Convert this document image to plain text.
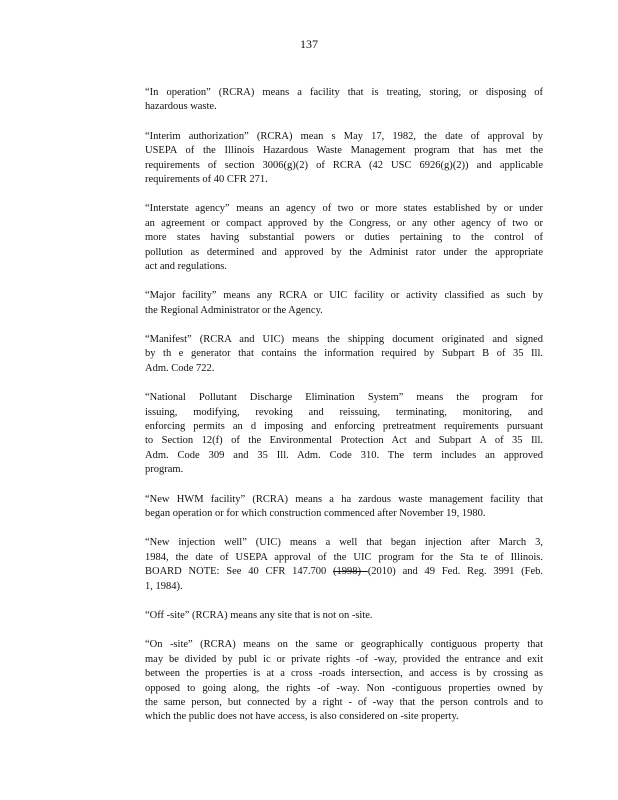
137
“In operation” (RCRA) means a facility that is treating, storing, or disposing of
hazardous waste.
“Interim authorization” (RCRA) mean s May 17, 1982, the date of approval by
USEPA of the Illinois Hazardous Waste Management program that has met the
requirements of section 3006(g)(2) of RCRA (42 USC 6926(g)(2)) and applicable
requirements of 40 CFR 271.
“Interstate agency” means an agency of two or more states established by or under
an agreement or compact approved by the Congress, or any other agency of two or
more states having substantial powers or duties pertaining to the control of
pollution as determined and approved by the Administ rator under the appropriate
act and regulations.
“Major facility” means any RCRA or UIC facility or activity classified as such by
the Regional Administrator or the Agency.
“Manifest” (RCRA and UIC) means the shipping document originated and signed
by th e generator that contains the information required by Subpart B of 35 Ill.
Adm. Code 722.
“National Pollutant Discharge Elimination System” means the program for
issuing, modifying, revoking and reissuing, terminating, monitoring, and
enforcing permits an d imposing and enforcing pretreatment requirements pursuant
to Section 12(f) of the Environmental Protection Act and Subpart A of 35 Ill.
Adm. Code 309 and 35 Ill. Adm. Code 310. The term includes an approved
program.
“New HWM facility” (RCRA) means a ha zardous waste management facility that
began operation or for which construction commenced after November 19, 1980.
“New injection well” (UIC) means a well that began injection after March 3,
1984, the date of USEPA approval of the UIC program for the Sta te of Illinois.
BOARD NOTE: See 40 CFR 147.700 (1998) (2010) and 49 Fed. Reg. 3991 (Feb.
1, 1984).
“Off -site” (RCRA) means any site that is not on -site.
“On -site” (RCRA) means on the same or geographically contiguous property that
may be divided by publ ic or private rights -of -way, provided the entrance and exit
between the properties is at a cross -roads intersection, and access is by crossing as
opposed to going along, the rights -of -way. Non -contiguous properties owned by
the same person, but connected by a right - of -way that the person controls and to
which the public does not have access, is also considered on -site property.
